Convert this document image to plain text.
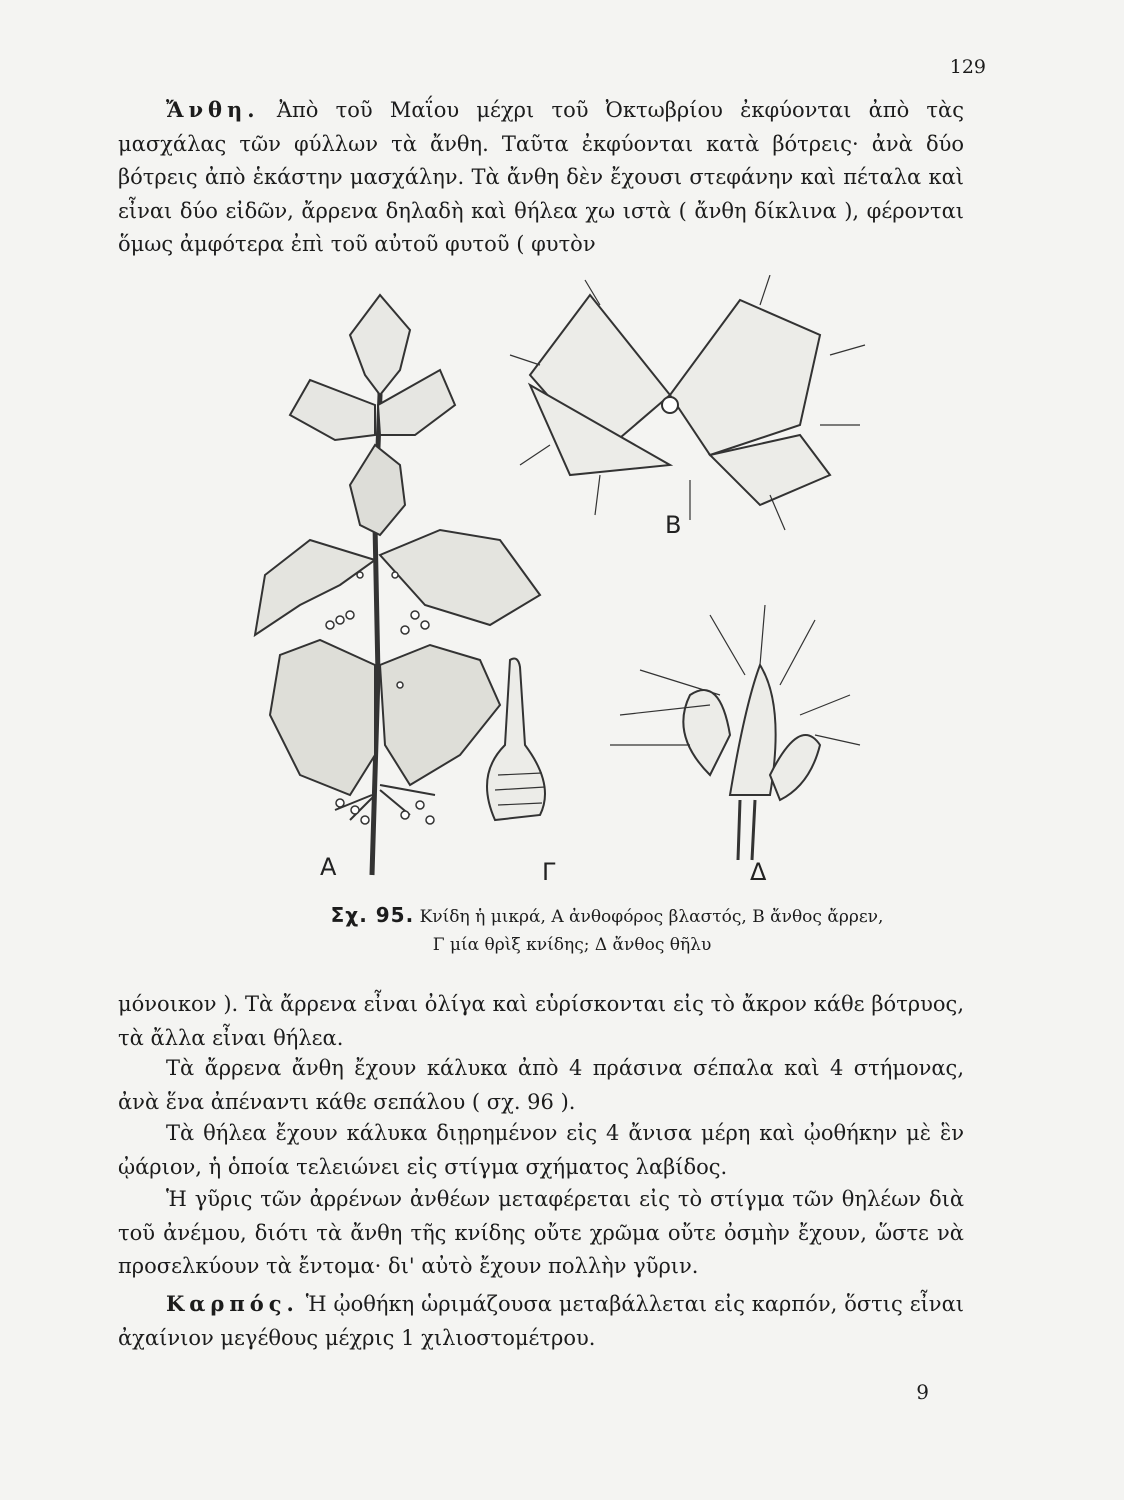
129

Ἄνθη. Ἀπὸ τοῦ Μαΐου μέχρι τοῦ Ὀκτωβρίου ἐκφύονται ἀπὸ τὰς μασχάλας τῶν φύλλων τὰ ἄνθη. Ταῦτα ἐκφύονται κατὰ βότρεις· ἀνὰ δύο βότρεις ἀπὸ ἑκάστην μασχάλην. Τὰ ἄνθη δὲν ἔχουσι στεφάνην καὶ πέταλα καὶ εἶναι δύο εἰδῶν, ἄρρενα δηλαδὴ καὶ θήλεα χω ιστὰ ( ἄνθη δίκλινα ), φέρονται ὅμως ἀμφότερα ἐπὶ τοῦ αὐτοῦ φυτοῦ ( φυτὸν

Α
Β
Γ	Δ
Σχ. 95. Κνίδη ἡ μικρά, Α ἀνθοφόρος βλαστός, Β ἄνθος ἄρρεν,
Γ μία θρὶξ κνίδης; Δ ἄνθος θῆλυ

μόνοικον ). Τὰ ἄρρενα εἶναι ὀλίγα καὶ εὑρίσκονται εἰς τὸ ἄκρον κάθε βότρυος, τὰ ἄλλα εἶναι θήλεα.

Τὰ ἄρρενα ἄνθη ἔχουν κάλυκα ἀπὸ 4 πράσινα σέπαλα καὶ 4 στήμονας, ἀνὰ ἕνα ἀπέναντι κάθε σεπάλου ( σχ. 96 ).

Τὰ θήλεα ἔχουν κάλυκα διῃρημένον εἰς 4 ἄνισα μέρη καὶ ᾠοθήκην μὲ ἓν ᾠάριον, ἡ ὁποία τελειώνει εἰς στίγμα σχήματος λαβίδος.

Ἡ γῦρις τῶν ἀρρένων ἀνθέων μεταφέρεται εἰς τὸ στίγμα τῶν θηλέων διὰ τοῦ ἀνέμου, διότι τὰ ἄνθη τῆς κνίδης οὔτε χρῶμα οὔτε ὀσμὴν ἔχουν, ὥστε νὰ προσελκύουν τὰ ἔντομα· δι' αὐτὸ ἔχουν πολλὴν γῦριν.

Καρπός. Ἡ ᾠοθήκη ὡριμάζουσα μεταβάλλεται εἰς καρπόν, ὅστις εἶναι ἀχαίνιον μεγέθους μέχρις 1 χιλιοστομέτρου.

9
